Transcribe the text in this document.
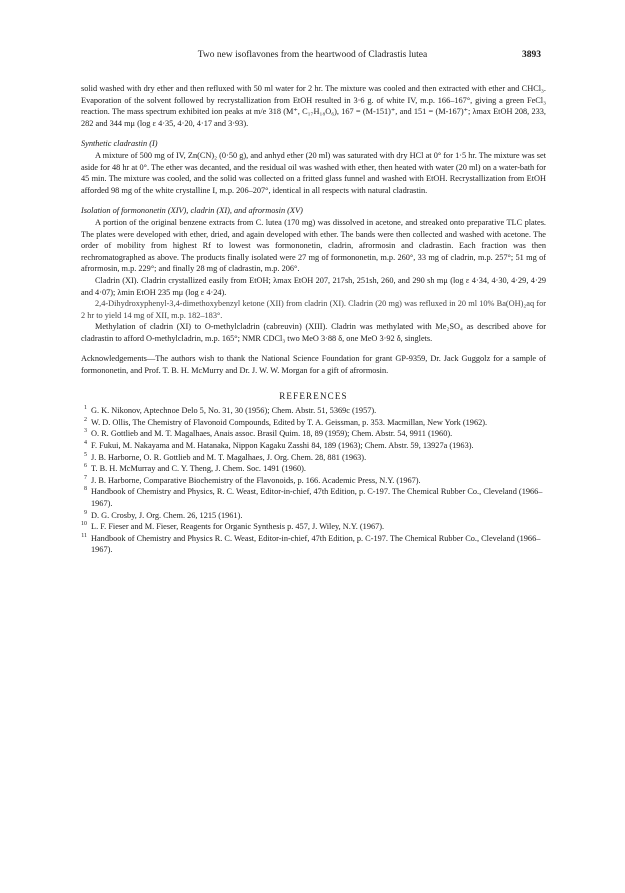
Two new isoflavones from the heartwood of Cladrastis lutea	3893

solid washed with dry ether and then refluxed with 50 ml water for 2 hr. The mixture was cooled and then extracted with ether and CHCl₃. Evaporation of the solvent followed by recrystallization from EtOH resulted in 3·6 g. of white IV, m.p. 166–167°, giving a green FeCl₃ reaction. The mass spectrum exhibited ion peaks at m/e 318 (M⁺, C₁₇H₁₈O₆), 167 = (M-151)⁺, and 151 = (M-167)⁺; λmax EtOH 208, 233, 282 and 344 mμ (log ε 4·35, 4·20, 4·17 and 3·93).

Synthetic cladrastin (I)

A mixture of 500 mg of IV, Zn(CN)₂ (0·50 g), and anhyd ether (20 ml) was saturated with dry HCl at 0° for 1·5 hr. The mixture was set aside for 48 hr at 0°. The ether was decanted, and the residual oil was washed with ether, then heated with water (20 ml) on a water-bath for 45 min. The mixture was cooled, and the solid was collected on a fritted glass funnel and washed with EtOH. Recrystallization from EtOH afforded 98 mg of the white crystalline I, m.p. 206–207°, identical in all respects with natural cladrastin.

Isolation of formononetin (XIV), cladrin (XI), and afrormosin (XV)

A portion of the original benzene extracts from C. lutea (170 mg) was dissolved in acetone, and streaked onto preparative TLC plates. The plates were developed with ether, dried, and again developed with ether. The bands were then collected and washed with acetone. The order of mobility from highest Rf to lowest was formononetin, cladrin, afrormosin and cladrastin. Each fraction was then rechromatographed as above. The products finally isolated were 27 mg of formononetin, m.p. 260°, 33 mg of cladrin, m.p. 257°; 51 mg of afrormosin, m.p. 229°; and finally 28 mg of cladrastin, m.p. 206°.

Cladrin (XI). Cladrin crystallized easily from EtOH; λmax EtOH 207, 217sh, 251sh, 260, and 290 sh mμ (log ε 4·34, 4·30, 4·29, 4·29 and 4·07); λmin EtOH 235 mμ (log ε 4·24).

2,4-Dihydroxyphenyl-3,4-dimethoxybenzyl ketone (XII) from cladrin (XI). Cladrin (20 mg) was refluxed in 20 ml 10% Ba(OH)₂aq for 2 hr to yield 14 mg of XII, m.p. 182–183°.

Methylation of cladrin (XI) to O-methylcladrin (cabreuvin) (XIII). Cladrin was methylated with Me₂SO₄ as described above for cladrastin to afford O-methylcladrin, m.p. 165°; NMR CDCl₃ two MeO 3·88 δ, one MeO 3·92 δ, singlets.

Acknowledgements—The authors wish to thank the National Science Foundation for grant GP-9359, Dr. Jack Guggolz for a sample of formononetin, and Prof. T. B. H. McMurry and Dr. J. W. W. Morgan for a gift of afrormosin.

REFERENCES
1 G. K. Nikonov, Aptechnoe Delo 5, No. 31, 30 (1956); Chem. Abstr. 51, 5369c (1957).
2 W. D. Ollis, The Chemistry of Flavonoid Compounds, Edited by T. A. Geissman, p. 353. Macmillan, New York (1962).
3 O. R. Gottlieb and M. T. Magalhaes, Anais assoc. Brasil Quim. 18, 89 (1959); Chem. Abstr. 54, 9911 (1960).
4 F. Fukui, M. Nakayama and M. Hatanaka, Nippon Kagaku Zasshi 84, 189 (1963); Chem. Abstr. 59, 13927a (1963).
5 J. B. Harborne, O. R. Gottlieb and M. T. Magalhaes, J. Org. Chem. 28, 881 (1963).
6 T. B. H. McMurray and C. Y. Theng, J. Chem. Soc. 1491 (1960).
7 J. B. Harborne, Comparative Biochemistry of the Flavonoids, p. 166. Academic Press, N.Y. (1967).
8 Handbook of Chemistry and Physics, R. C. Weast, Editor-in-chief, 47th Edition, p. C-197. The Chemical Rubber Co., Cleveland (1966–1967).
9 D. G. Crosby, J. Org. Chem. 26, 1215 (1961).
10 L. F. Fieser and M. Fieser, Reagents for Organic Synthesis p. 457, J. Wiley, N.Y. (1967).
11 Handbook of Chemistry and Physics R. C. Weast, Editor-in-chief, 47th Edition, p. C-197. The Chemical Rubber Co., Cleveland (1966–1967).
